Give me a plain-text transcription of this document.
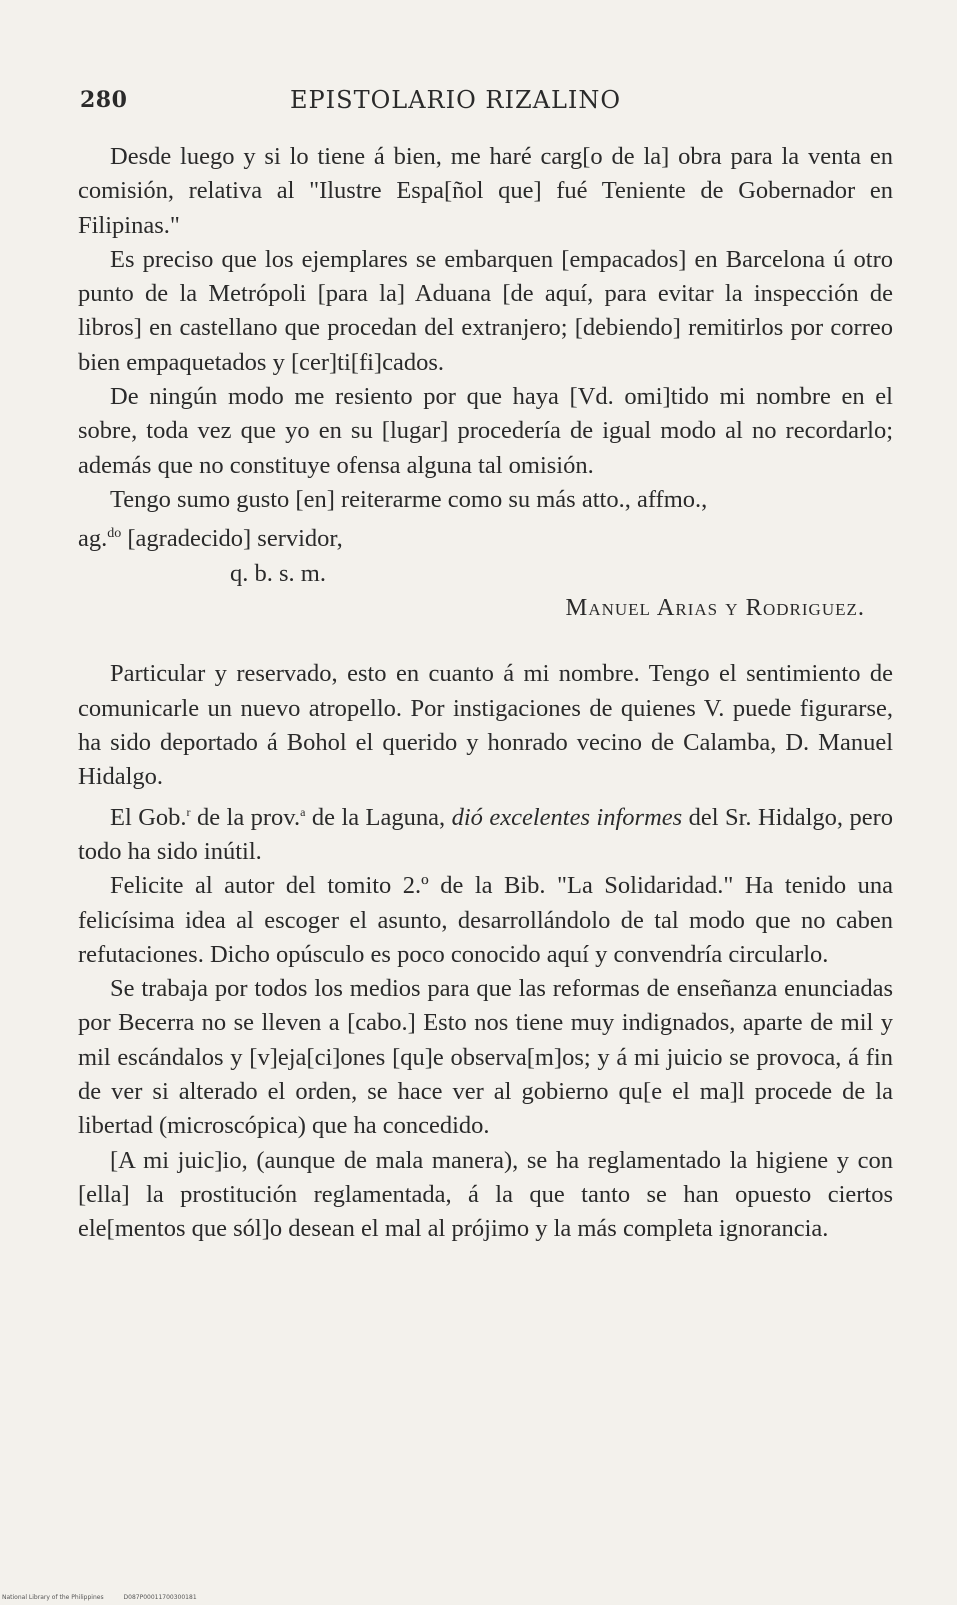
280	EPISTOLARIO RIZALINO

Desde luego y si lo tiene á bien, me haré carg[o de la] obra para la venta en comisión, relativa al "Ilustre Espa[ñol que] fué Teniente de Gobernador en Filipinas."

Es preciso que los ejemplares se embarquen [empacados] en Barcelona ú otro punto de la Metrópoli [para la] Aduana [de aquí, para evitar la inspección de libros] en castellano que procedan del extranjero; [debiendo] remitirlos por correo bien empaquetados y [cer]ti[fi]cados.

De ningún modo me resiento por que haya [Vd. omi]tido mi nombre en el sobre, toda vez que yo en su [lugar] procedería de igual modo al no recordarlo; además que no constituye ofensa alguna tal omisión.

Tengo sumo gusto [en] reiterarme como su más atto., affmo.,

ag.$^{do}$ [agradecido] servidor,

q. b. s. m.

Manuel Arias y Rodriguez.

Particular y reservado, esto en cuanto á mi nombre. Tengo el sentimiento de comunicarle un nuevo atropello. Por instigaciones de quienes V. puede figurarse, ha sido deportado á Bohol el querido y honrado vecino de Calamba, D. Manuel Hidalgo.

El Gob.$^r$ de la prov.$^a$ de la Laguna, dió excelentes informes del Sr. Hidalgo, pero todo ha sido inútil.

Felicite al autor del tomito 2.º de la Bib. "La Solidaridad." Ha tenido una felicísima idea al escoger el asunto, desarrollándolo de tal modo que no caben refutaciones. Dicho opúsculo es poco conocido aquí y convendría circularlo.

Se trabaja por todos los medios para que las reformas de enseñanza enunciadas por Becerra no se lleven a [cabo.] Esto nos tiene muy indignados, aparte de mil y mil escándalos y [v]eja[ci]ones [qu]e observa[m]os; y á mi juicio se provoca, á fin de ver si alterado el orden, se hace ver al gobierno qu[e el ma]l procede de la libertad (microscópica) que ha concedido.

[A mi juic]io, (aunque de mala manera), se ha reglamentado la higiene y con [ella] la prostitución reglamentada, á la que tanto se han opuesto ciertos ele[mentos que sól]o desean el mal al prójimo y la más completa ignorancia.

National Library of the Philippines	D087P00011700300181
